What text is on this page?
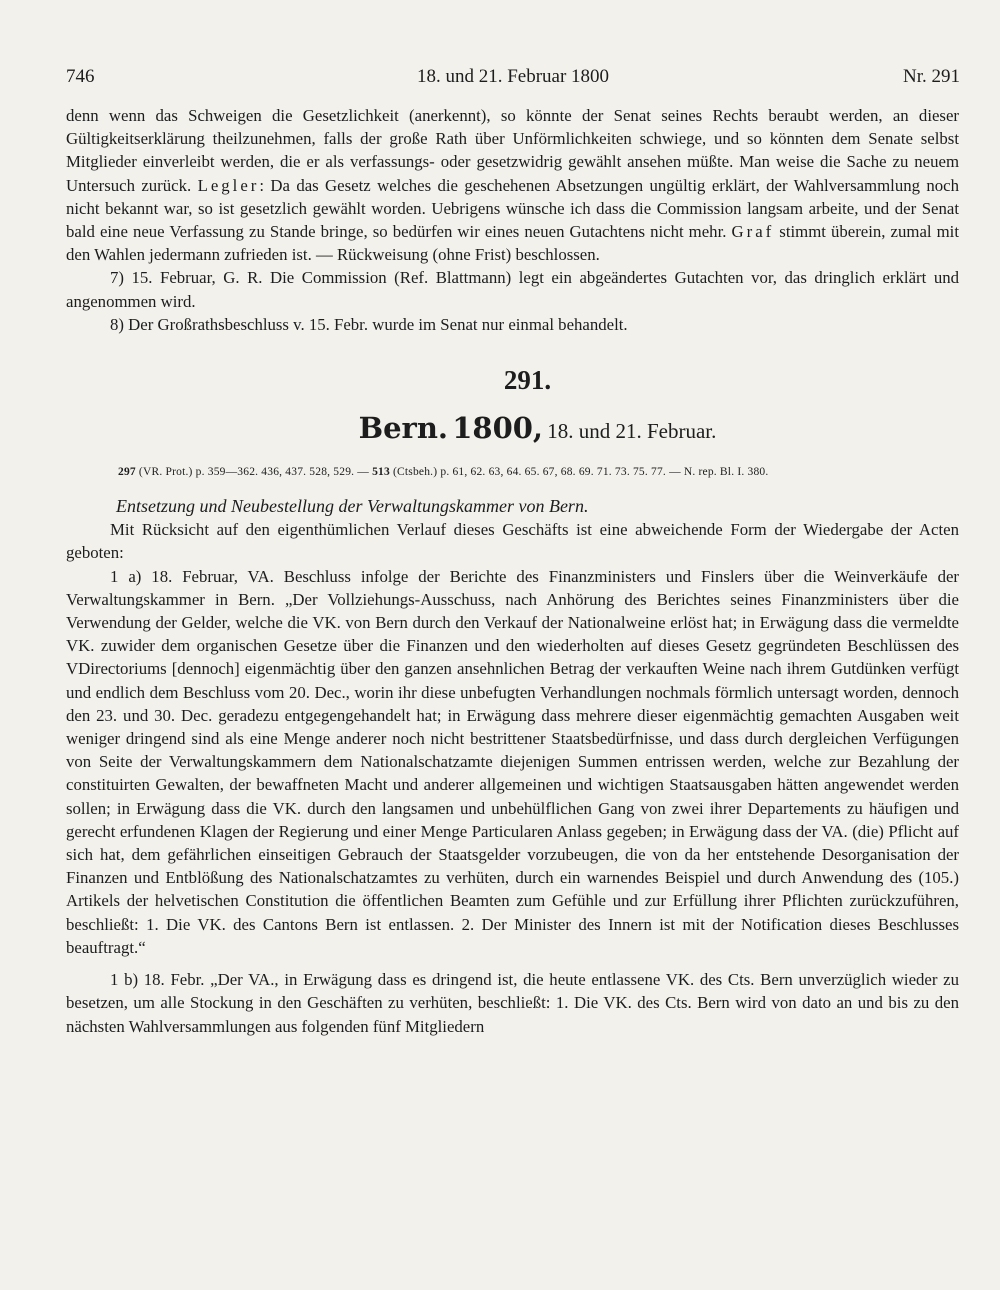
746	18. und 21. Februar 1800	Nr. 291

denn wenn das Schweigen die Gesetzlichkeit (anerkennt), so könnte der Senat seines Rechts beraubt werden, an dieser Gültigkeitserklärung theilzunehmen, falls der große Rath über Unförmlichkeiten schwiege, und so könnten dem Senate selbst Mitglieder einverleibt werden, die er als verfassungs- oder gesetzwidrig gewählt ansehen müßte. Man weise die Sache zu neuem Untersuch zurück. Legler: Da das Gesetz welches die geschehenen Absetzungen ungültig erklärt, der Wahlversammlung noch nicht bekannt war, so ist gesetzlich gewählt worden. Uebrigens wünsche ich dass die Commission langsam arbeite, und der Senat bald eine neue Verfassung zu Stande bringe, so bedürfen wir eines neuen Gutachtens nicht mehr. Graf stimmt überein, zumal mit den Wahlen jedermann zufrieden ist. — Rückweisung (ohne Frist) beschlossen.

7) 15. Februar, G. R. Die Commission (Ref. Blattmann) legt ein abgeändertes Gutachten vor, das dringlich erklärt und angenommen wird.

8) Der Großrathsbeschluss v. 15. Febr. wurde im Senat nur einmal behandelt.

291.
Bern. 1800, 18. und 21. Februar.
297 (VR. Prot.) p. 359—362. 436, 437. 528, 529. — 513 (Ctsbeh.) p. 61, 62. 63, 64. 65. 67, 68. 69. 71. 73. 75. 77. — N. rep. Bl. I. 380.
Entsetzung und Neubestellung der Verwaltungskammer von Bern.

Mit Rücksicht auf den eigenthümlichen Verlauf dieses Geschäfts ist eine abweichende Form der Wiedergabe der Acten geboten:

1 a) 18. Februar, VA. Beschluss infolge der Berichte des Finanzministers und Finslers über die Weinverkäufe der Verwaltungskammer in Bern. „Der Vollziehungs-Ausschuss, nach Anhörung des Berichtes seines Finanzministers über die Verwendung der Gelder, welche die VK. von Bern durch den Verkauf der Nationalweine erlöst hat; in Erwägung dass die vermeldte VK. zuwider dem organischen Gesetze über die Finanzen und den wiederholten auf dieses Gesetz gegründeten Beschlüssen des VDirectoriums [dennoch] eigenmächtig über den ganzen ansehnlichen Betrag der verkauften Weine nach ihrem Gutdünken verfügt und endlich dem Beschluss vom 20. Dec., worin ihr diese unbefugten Verhandlungen nochmals förmlich untersagt worden, dennoch den 23. und 30. Dec. geradezu entgegengehandelt hat; in Erwägung dass mehrere dieser eigenmächtig gemachten Ausgaben weit weniger dringend sind als eine Menge anderer noch nicht bestrittener Staatsbedürfnisse, und dass durch dergleichen Verfügungen von Seite der Verwaltungskammern dem Nationalschatzamte diejenigen Summen entrissen werden, welche zur Bezahlung der constituirten Gewalten, der bewaffneten Macht und anderer allgemeinen und wichtigen Staatsausgaben hätten angewendet werden sollen; in Erwägung dass die VK. durch den langsamen und unbehülflichen Gang von zwei ihrer Departements zu häufigen und gerecht erfundenen Klagen der Regierung und einer Menge Particularen Anlass gegeben; in Erwägung dass der VA. (die) Pflicht auf sich hat, dem gefährlichen einseitigen Gebrauch der Staatsgelder vorzubeugen, die von da her entstehende Desorganisation der Finanzen und Entblößung des Nationalschatzamtes zu verhüten, durch ein warnendes Beispiel und durch Anwendung des (105.) Artikels der helvetischen Constitution die öffentlichen Beamten zum Gefühle und zur Erfüllung ihrer Pflichten zurückzuführen, beschließt: 1. Die VK. des Cantons Bern ist entlassen. 2. Der Minister des Innern ist mit der Notification dieses Beschlusses beauftragt.“

1 b) 18. Febr. „Der VA., in Erwägung dass es dringend ist, die heute entlassene VK. des Cts. Bern unverzüglich wieder zu besetzen, um alle Stockung in den Geschäften zu verhüten, beschließt: 1. Die VK. des Cts. Bern wird von dato an und bis zu den nächsten Wahlversammlungen aus folgenden fünf Mitgliedern
